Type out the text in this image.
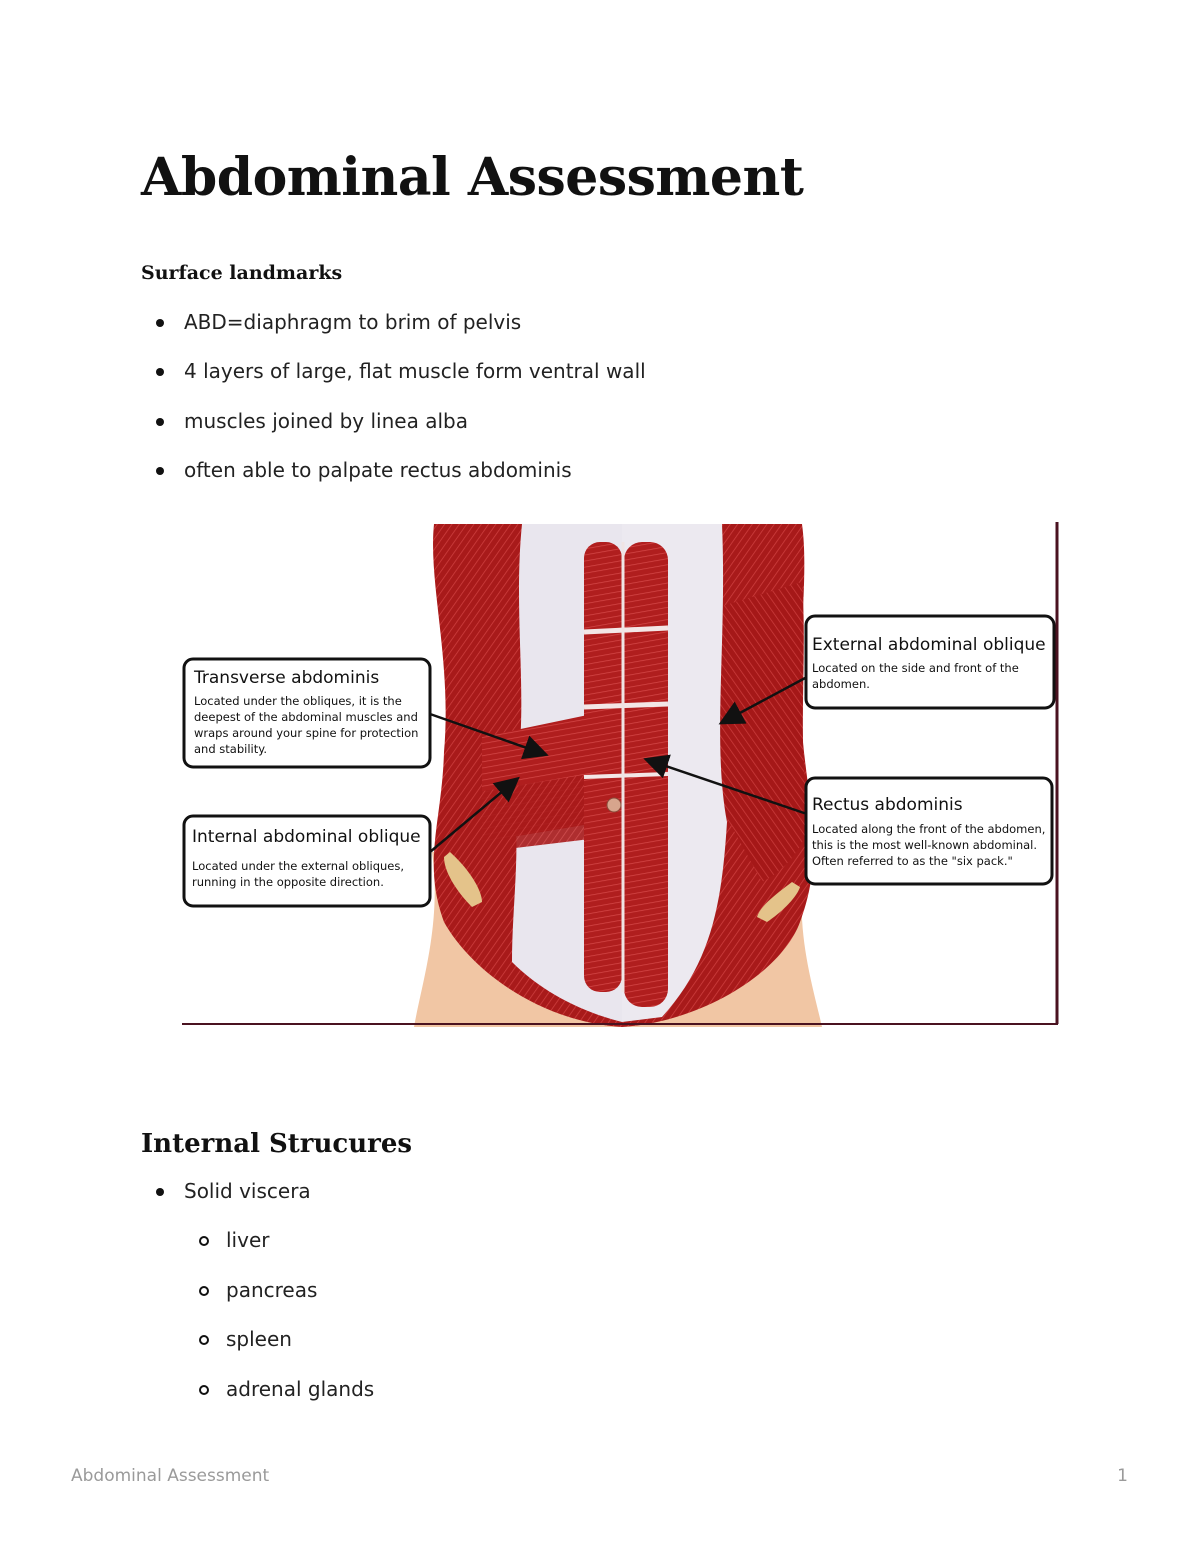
Abdominal Assessment
Surface landmarks
ABD=diaphragm to brim of pelvis
4 layers of large, flat muscle form ventral wall
muscles joined by linea alba
often able to palpate rectus abdominis
Transverse abdominis
Located under the obliques, it is the
deepest of the abdominal muscles and
wraps around your spine for protection
and stability.
Internal abdominal oblique
Located under the external obliques,
running in the opposite direction.
External abdominal oblique
Located on the side and front of the
abdomen.
Rectus abdominis
Located along the front of the abdomen,
this is the most well-known abdominal.
Often referred to as the "six pack."
Internal Strucures
Solid viscera
liver
pancreas
spleen
adrenal glands
Abdominal Assessment	1
